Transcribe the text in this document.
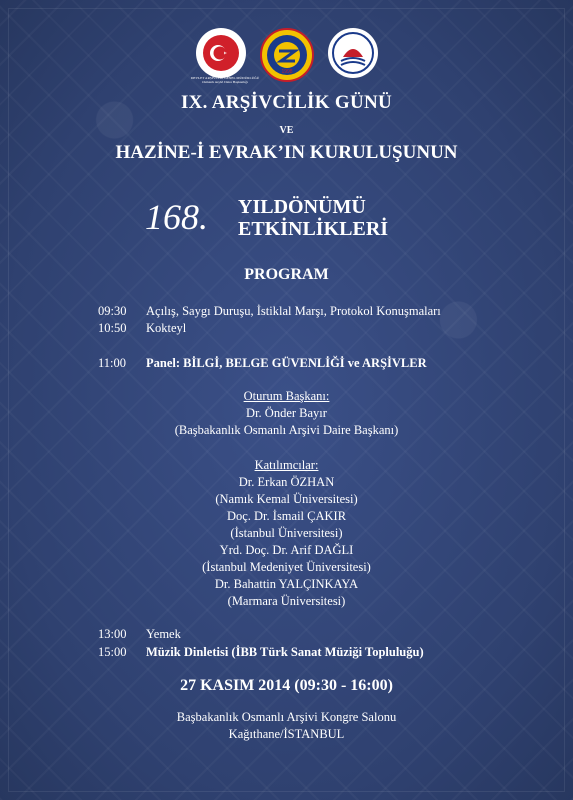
1998
DEVLET ARŞİVLERİ GENEL MÜDÜRLÜĞÜ Osmanlı Arşivi Daire Başkanlığı
IX. ARŞİVCİLİK GÜNÜ
VE
HAZİNE-İ EVRAK’IN KURULUŞUNUN
168. YILDÖNÜMÜ
ETKİNLİKLERİ
PROGRAM
09:30 Açılış, Saygı Duruşu, İstiklal Marşı, Protokol Konuşmaları
10:50 Kokteyl
11:00 Panel: BİLGİ, BELGE GÜVENLİĞİ ve ARŞİVLER
Oturum Başkanı:
Dr. Önder Bayır
(Başbakanlık Osmanlı Arşivi Daire Başkanı)
Katılımcılar:
Dr. Erkan ÖZHAN
(Namık Kemal Üniversitesi)
Doç. Dr. İsmail ÇAKIR
(İstanbul Üniversitesi)
Yrd. Doç. Dr. Arif DAĞLI
(İstanbul Medeniyet Üniversitesi)
Dr. Bahattin YALÇINKAYA
(Marmara Üniversitesi)
13:00 Yemek
15:00 Müzik Dinletisi (İBB Türk Sanat Müziği Topluluğu)
27 KASIM 2014 (09:30 - 16:00)
Başbakanlık Osmanlı Arşivi Kongre Salonu
Kağıthane/İSTANBUL
